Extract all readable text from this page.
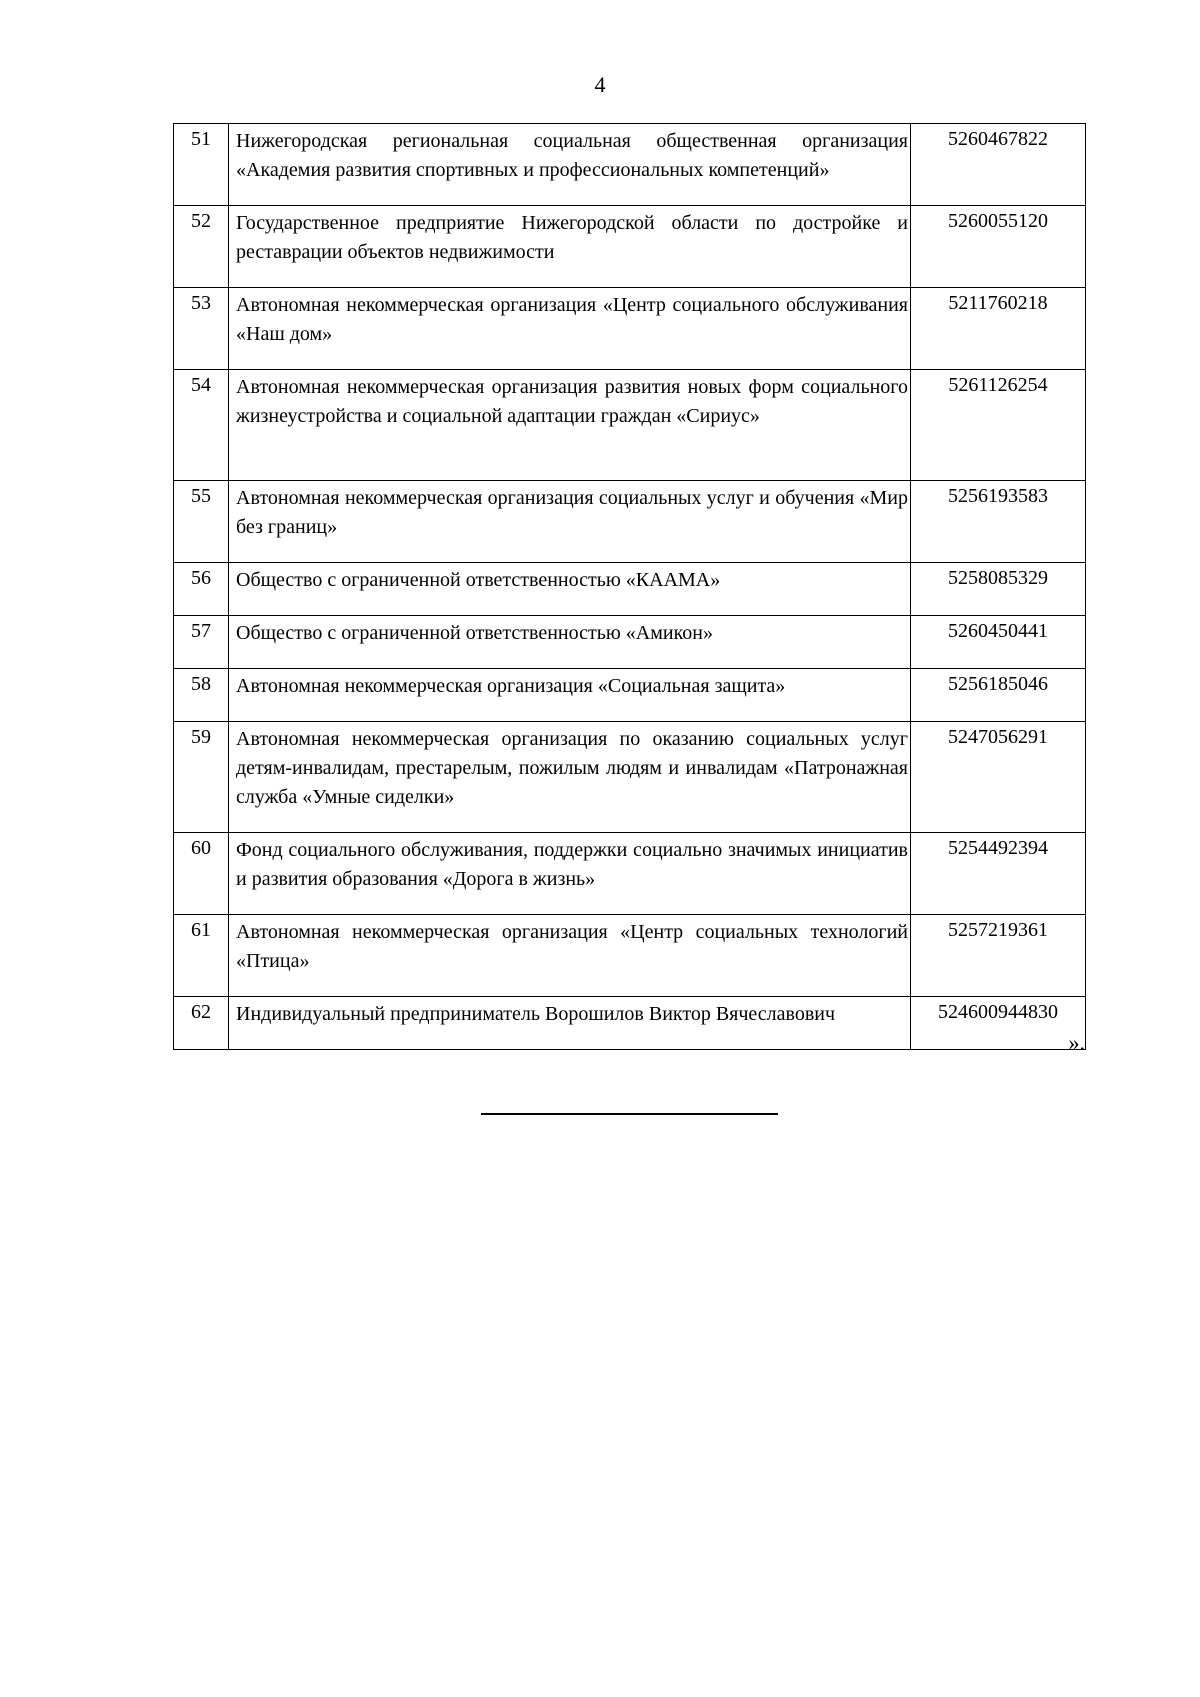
4
51	Нижегородская региональная социальная общественная организация «Академия развития спортивных и профессиональных компетенций»	5260467822
52	Государственное предприятие Нижегородской области по достройке и реставрации объектов недвижимости	5260055120
53	Автономная некоммерческая организация «Центр социального обслуживания «Наш дом»	5211760218
54	Автономная некоммерческая организация развития новых форм социального жизнеустройства и социальной адаптации граждан «Сириус»	5261126254
55	Автономная некоммерческая организация социальных услуг и обучения «Мир без границ»	5256193583
56	Общество с ограниченной ответственностью «КААМА»	5258085329
57	Общество с ограниченной ответственностью «Амикон»	5260450441
58	Автономная некоммерческая организация «Социальная защита»	5256185046
59	Автономная некоммерческая организация по оказанию социальных услуг детям-инвалидам, престарелым, пожилым людям и инвалидам «Патронажная служба «Умные сиделки»	5247056291
60	Фонд социального обслуживания, поддержки социально значимых инициатив и развития образования «Дорога в жизнь»	5254492394
61	Автономная некоммерческая организация «Центр социальных технологий «Птица»	5257219361
62	Индивидуальный предприниматель Ворошилов Виктор Вячеславович	524600944830
».
